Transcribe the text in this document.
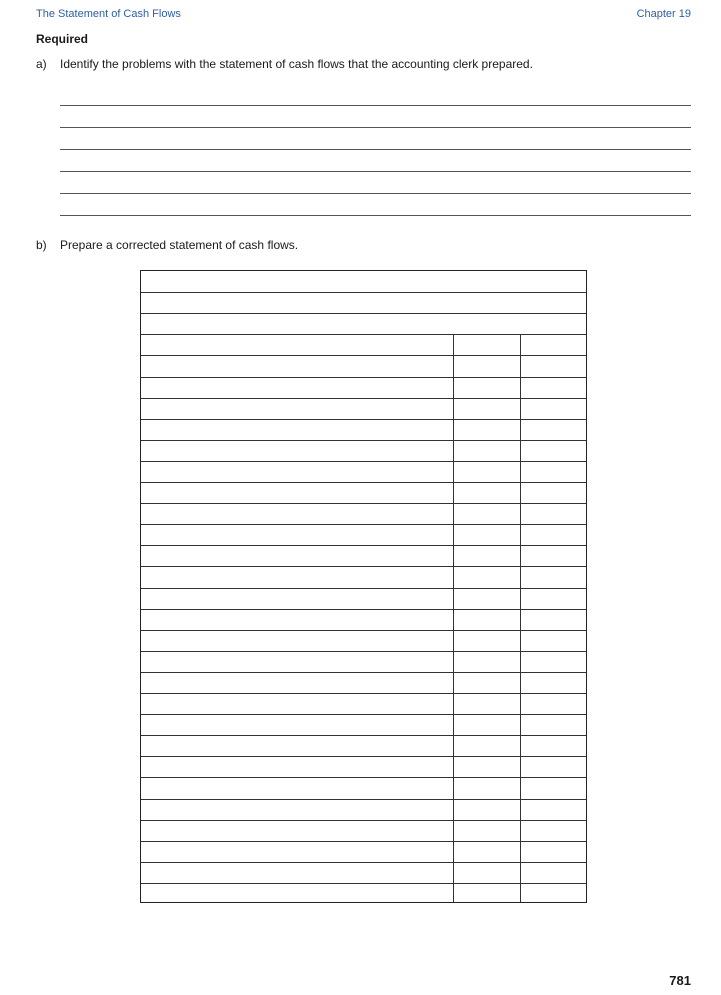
The Statement of Cash Flows	Chapter 19
Required
a) Identify the problems with the statement of cash flows that the accounting clerk prepared.
b) Prepare a corrected statement of cash flows.
781
